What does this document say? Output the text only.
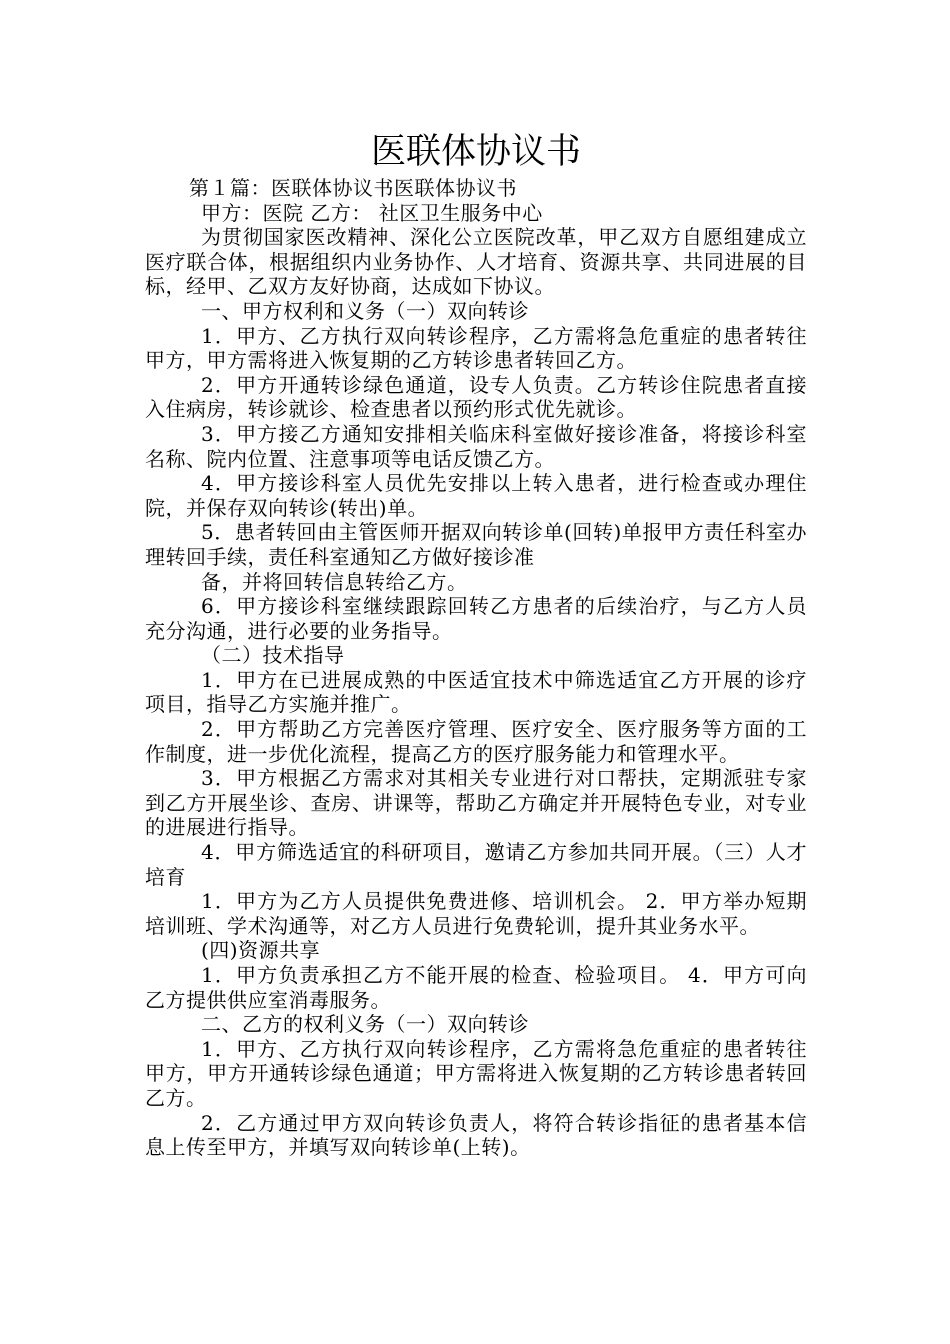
医联体协议书

第１篇：医联体协议书医联体协议书

甲方：医院 乙方： 社区卫生服务中心

为贯彻国家医改精神、深化公立医院改革，甲乙双方自愿组建成立医疗联合体，根据组织内业务协作、人才培育、资源共享、共同进展的目标，经甲、乙双方友好协商，达成如下协议。

一、甲方权利和义务（一）双向转诊

1．甲方、乙方执行双向转诊程序，乙方需将急危重症的患者转往甲方，甲方需将进入恢复期的乙方转诊患者转回乙方。

2．甲方开通转诊绿色通道，设专人负责。乙方转诊住院患者直接入住病房，转诊就诊、检查患者以预约形式优先就诊。

3．甲方接乙方通知安排相关临床科室做好接诊准备，将接诊科室名称、院内位置、注意事项等电话反馈乙方。

4．甲方接诊科室人员优先安排以上转入患者，进行检查或办理住院，并保存双向转诊(转出)单。

5．患者转回由主管医师开据双向转诊单(回转)单报甲方责任科室办理转回手续，责任科室通知乙方做好接诊准

备，并将回转信息转给乙方。

6．甲方接诊科室继续跟踪回转乙方患者的后续治疗，与乙方人员充分沟通，进行必要的业务指导。

（二）技术指导

1．甲方在已进展成熟的中医适宜技术中筛选适宜乙方开展的诊疗项目，指导乙方实施并推广。

2．甲方帮助乙方完善医疗管理、医疗安全、医疗服务等方面的工作制度，进一步优化流程，提高乙方的医疗服务能力和管理水平。

3．甲方根据乙方需求对其相关专业进行对口帮扶，定期派驻专家到乙方开展坐诊、查房、讲课等，帮助乙方确定并开展特色专业，对专业的进展进行指导。

4．甲方筛选适宜的科研项目，邀请乙方参加共同开展。（三）人才培育

1．甲方为乙方人员提供免费进修、培训机会。 2．甲方举办短期培训班、学术沟通等，对乙方人员进行免费轮训，提升其业务水平。

(四)资源共享

1．甲方负责承担乙方不能开展的检查、检验项目。 4．甲方可向乙方提供供应室消毒服务。

二、乙方的权利义务（一）双向转诊

1．甲方、乙方执行双向转诊程序，乙方需将急危重症的患者转往甲方，甲方开通转诊绿色通道；甲方需将进入恢复期的乙方转诊患者转回乙方。

2．乙方通过甲方双向转诊负责人，将符合转诊指征的患者基本信息上传至甲方，并填写双向转诊单(上转)。
